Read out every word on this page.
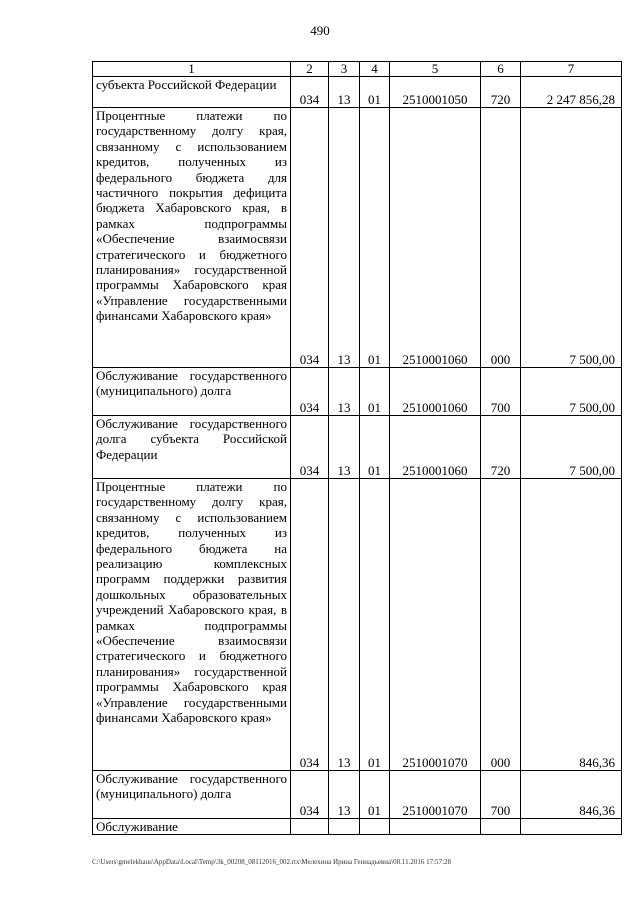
490
1	2	3	4	5	6	7
субъекта Российской Федерации	034	13	01	2510001050	720	2 247 856,28
Процентные платежи по государственному долгу края, связанному с использованием кредитов, полученных из федерального бюджета для частичного покрытия дефицита бюджета Хабаровского края, в рамках подпрограммы «Обеспечение взаимосвязи стратегического и бюджетного планирования» государственной программы Хабаровского края «Управление государственными финансами Хабаровского края»	034	13	01	2510001060	000	7 500,00
Обслуживание государственного (муниципального) долга	034	13	01	2510001060	700	7 500,00
Обслуживание государственного долга субъекта Российской Федерации	034	13	01	2510001060	720	7 500,00
Процентные платежи по государственному долгу края, связанному с использованием кредитов, полученных из федерального бюджета на реализацию комплексных программ поддержки развития дошкольных образовательных учреждений Хабаровского края, в рамках подпрограммы «Обеспечение взаимосвязи стратегического и бюджетного планирования» государственной программы Хабаровского края «Управление государственными финансами Хабаровского края»	034	13	01	2510001070	000	846,36
Обслуживание государственного (муниципального) долга	034	13	01	2510001070	700	846,36
Обслуживание						
C:\Users\gmelekhaus\AppData\Local\Temp\3k_00208_08112016_002.rtx\Мелехина Ирина Геннадьевна\08.11.2016 17:57:28
